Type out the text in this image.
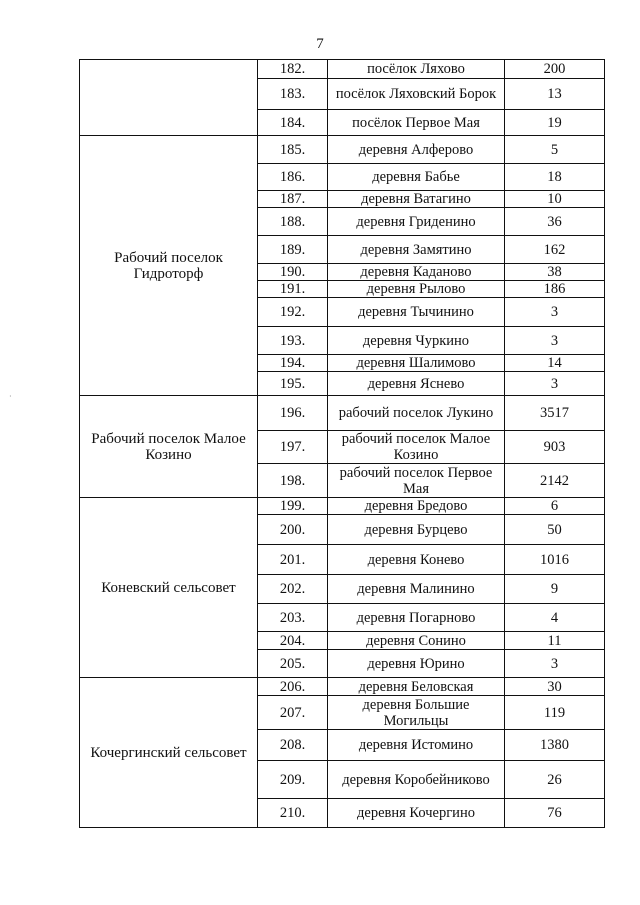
7
·
	182.	посёлок Ляхово	200
	183.	посёлок Ляховский Борок	13
	184.	посёлок Первое Мая	19
Рабочий поселок Гидроторф	185.	деревня Алферово	5
	186.	деревня Бабье	18
	187.	деревня Ватагино	10
	188.	деревня Гриденино	36
	189.	деревня Замятино	162
	190.	деревня Каданово	38
	191.	деревня Рылово	186
	192.	деревня Тычинино	3
	193.	деревня Чуркино	3
	194.	деревня Шалимово	14
	195.	деревня Яснево	3
Рабочий поселок Малое Козино	196.	рабочий поселок Лукино	3517
	197.	рабочий поселок Малое Козино	903
	198.	рабочий поселок Первое Мая	2142
Коневский сельсовет	199.	деревня Бредово	6
	200.	деревня Бурцево	50
	201.	деревня Конево	1016
	202.	деревня Малинино	9
	203.	деревня Погарново	4
	204.	деревня Сонино	11
	205.	деревня Юрино	3
Кочергинский сельсовет	206.	деревня Беловская	30
	207.	деревня Большие Могильцы	119
	208.	деревня Истомино	1380
	209.	деревня Коробейниково	26
	210.	деревня Кочергино	76
